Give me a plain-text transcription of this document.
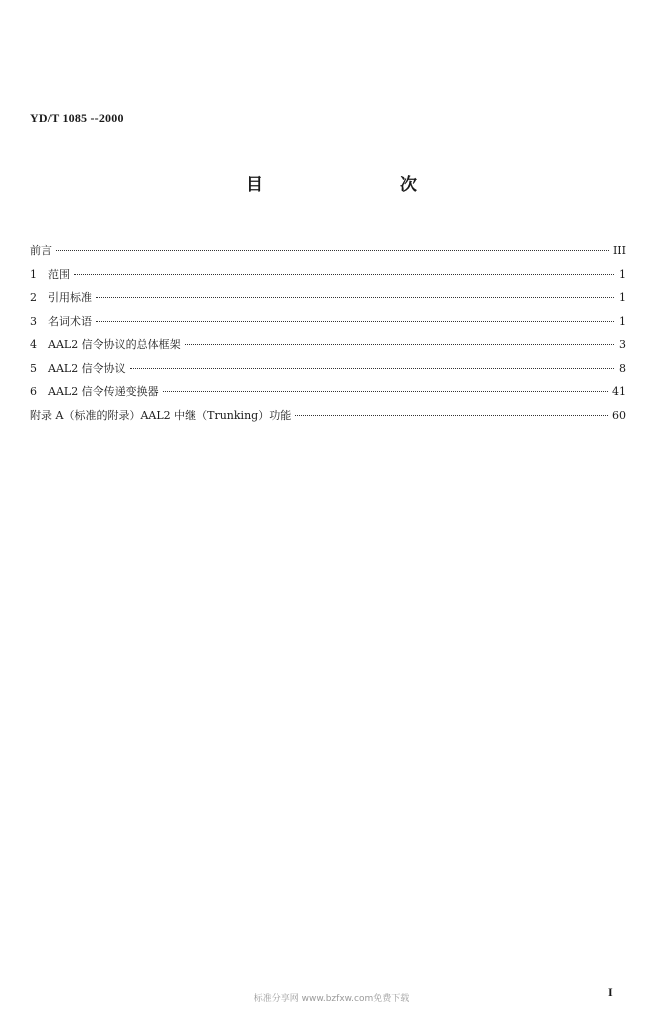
YD/T 1085 --2000
目　次
前言	III
1　范围	1
2　引用标准	1
3　名词术语	1
4　AAL2 信令协议的总体框架	3
5　AAL2 信令协议	8
6　AAL2 信令传递变换器	41
附录 A（标准的附录）AAL2 中继（Trunking）功能	60
标准分享网 www.bzfxw.com免费下载	I
